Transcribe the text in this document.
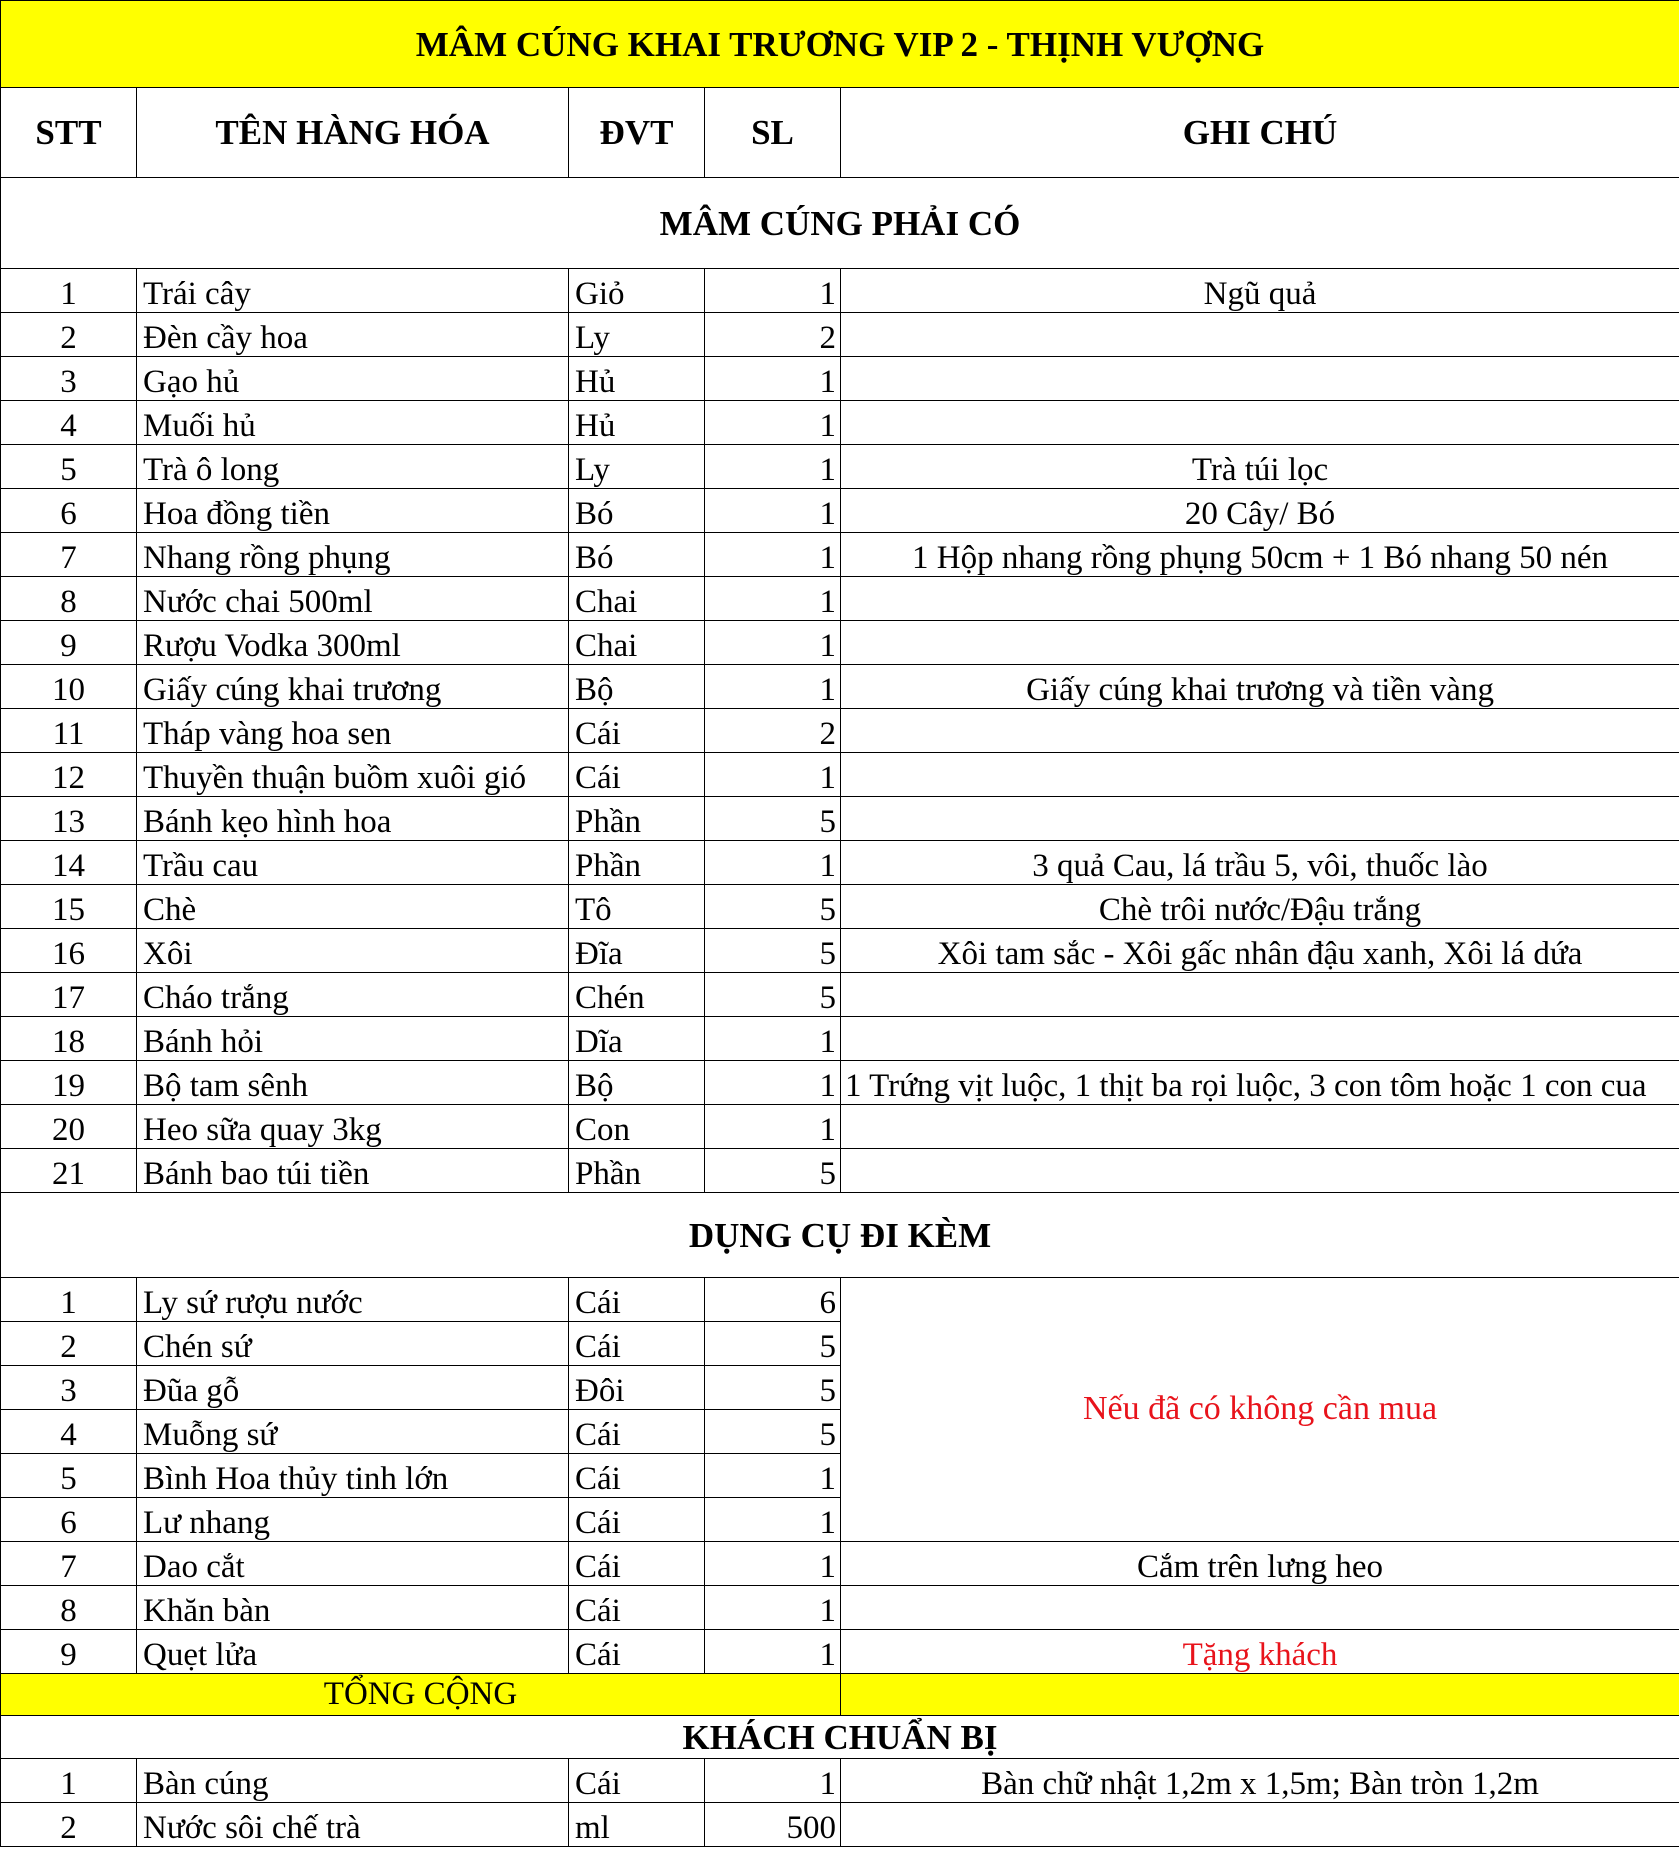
MÂM CÚNG KHAI TRƯƠNG VIP 2 - THỊNH VƯỢNG				
STT	TÊN HÀNG HÓA	ĐVT	SL	GHI CHÚ
MÂM CÚNG PHẢI CÓ				
1	Trái cây	Giỏ	1	Ngũ quả
2	Đèn cầy hoa	Ly	2	
3	Gạo hủ	Hủ	1	
4	Muối hủ	Hủ	1	
5	Trà ô long	Ly	1	Trà túi lọc
6	Hoa đồng tiền	Bó	1	20 Cây/ Bó
7	Nhang rồng phụng	Bó	1	1 Hộp nhang rồng phụng 50cm + 1 Bó nhang 50 nén
8	Nước chai 500ml	Chai	1	
9	Rượu Vodka 300ml	Chai	1	
10	Giấy cúng khai trương	Bộ	1	Giấy cúng khai trương và tiền vàng
11	Tháp vàng hoa sen	Cái	2	
12	Thuyền thuận buồm xuôi gió	Cái	1	
13	Bánh kẹo hình hoa	Phần	5	
14	Trầu cau	Phần	1	3 quả Cau, lá trầu 5, vôi, thuốc lào
15	Chè	Tô	5	Chè trôi nước/Đậu trắng
16	Xôi	Đĩa	5	Xôi tam sắc - Xôi gấc nhân đậu xanh, Xôi lá dứa
17	Cháo trắng	Chén	5	
18	Bánh hỏi	Dĩa	1	
19	Bộ tam sênh	Bộ	1	1 Trứng vịt luộc, 1 thịt ba rọi luộc, 3 con tôm hoặc 1 con cua
20	Heo sữa quay 3kg	Con	1	
21	Bánh bao túi tiền	Phần	5	
DỤNG CỤ ĐI KÈM				
1	Ly sứ rượu nước	Cái	6	Nếu đã có không cần mua
2	Chén sứ	Cái	5	
3	Đũa gỗ	Đôi	5	
4	Muỗng sứ	Cái	5	
5	Bình Hoa thủy tinh lớn	Cái	1	
6	Lư nhang	Cái	1	
7	Dao cắt	Cái	1	Cắm trên lưng heo
8	Khăn bàn	Cái	1	
9	Quẹt lửa	Cái	1	Tặng khách
TỔNG CỘNG				
KHÁCH CHUẨN BỊ				
1	Bàn cúng	Cái	1	Bàn chữ nhật 1,2m x 1,5m; Bàn tròn 1,2m
2	Nước sôi chế trà	ml	500	
